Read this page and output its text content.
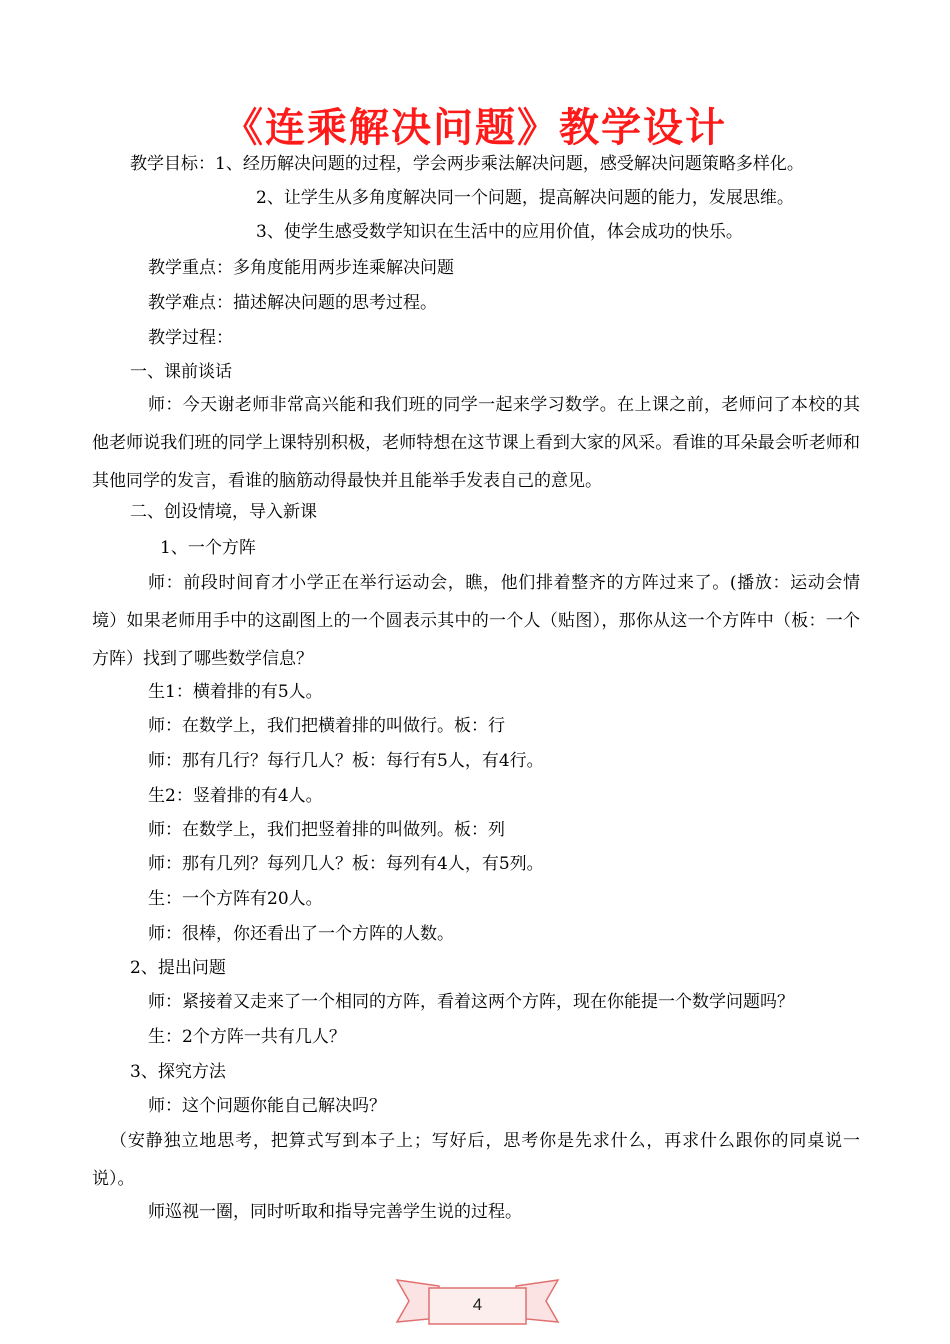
《连乘解决问题》教学设计
教学目标：1、经历解决问题的过程，学会两步乘法解决问题，感受解决问题策略多样化。
2、让学生从多角度解决同一个问题，提高解决问题的能力，发展思维。
3、使学生感受数学知识在生活中的应用价值，体会成功的快乐。
教学重点：多角度能用两步连乘解决问题
教学难点：描述解决问题的思考过程。
教学过程：
一、课前谈话
师：今天谢老师非常高兴能和我们班的同学一起来学习数学。在上课之前，老师问了本校的其他老师说我们班的同学上课特别积极，老师特想在这节课上看到大家的风采。看谁的耳朵最会听老师和其他同学的发言，看谁的脑筋动得最快并且能举手发表自己的意见。
二、创设情境，导入新课
1、一个方阵
师：前段时间育才小学正在举行运动会，瞧，他们排着整齐的方阵过来了。(播放：运动会情境）如果老师用手中的这副图上的一个圆表示其中的一个人（贴图），那你从这一个方阵中（板：一个方阵）找到了哪些数学信息？
生1：横着排的有5人。
师：在数学上，我们把横着排的叫做行。板：行
师：那有几行？每行几人？板：每行有5人，有4行。
生2：竖着排的有4人。
师：在数学上，我们把竖着排的叫做列。板：列
师：那有几列？每列几人？板：每列有4人，有5列。
生：一个方阵有20人。
师：很棒，你还看出了一个方阵的人数。
2、提出问题
师：紧接着又走来了一个相同的方阵，看着这两个方阵，现在你能提一个数学问题吗？
生：2个方阵一共有几人？
3、探究方法
师：这个问题你能自己解决吗？
（安静独立地思考，把算式写到本子上；写好后，思考你是先求什么，再求什么跟你的同桌说一说）。
师巡视一圈，同时听取和指导完善学生说的过程。
4
